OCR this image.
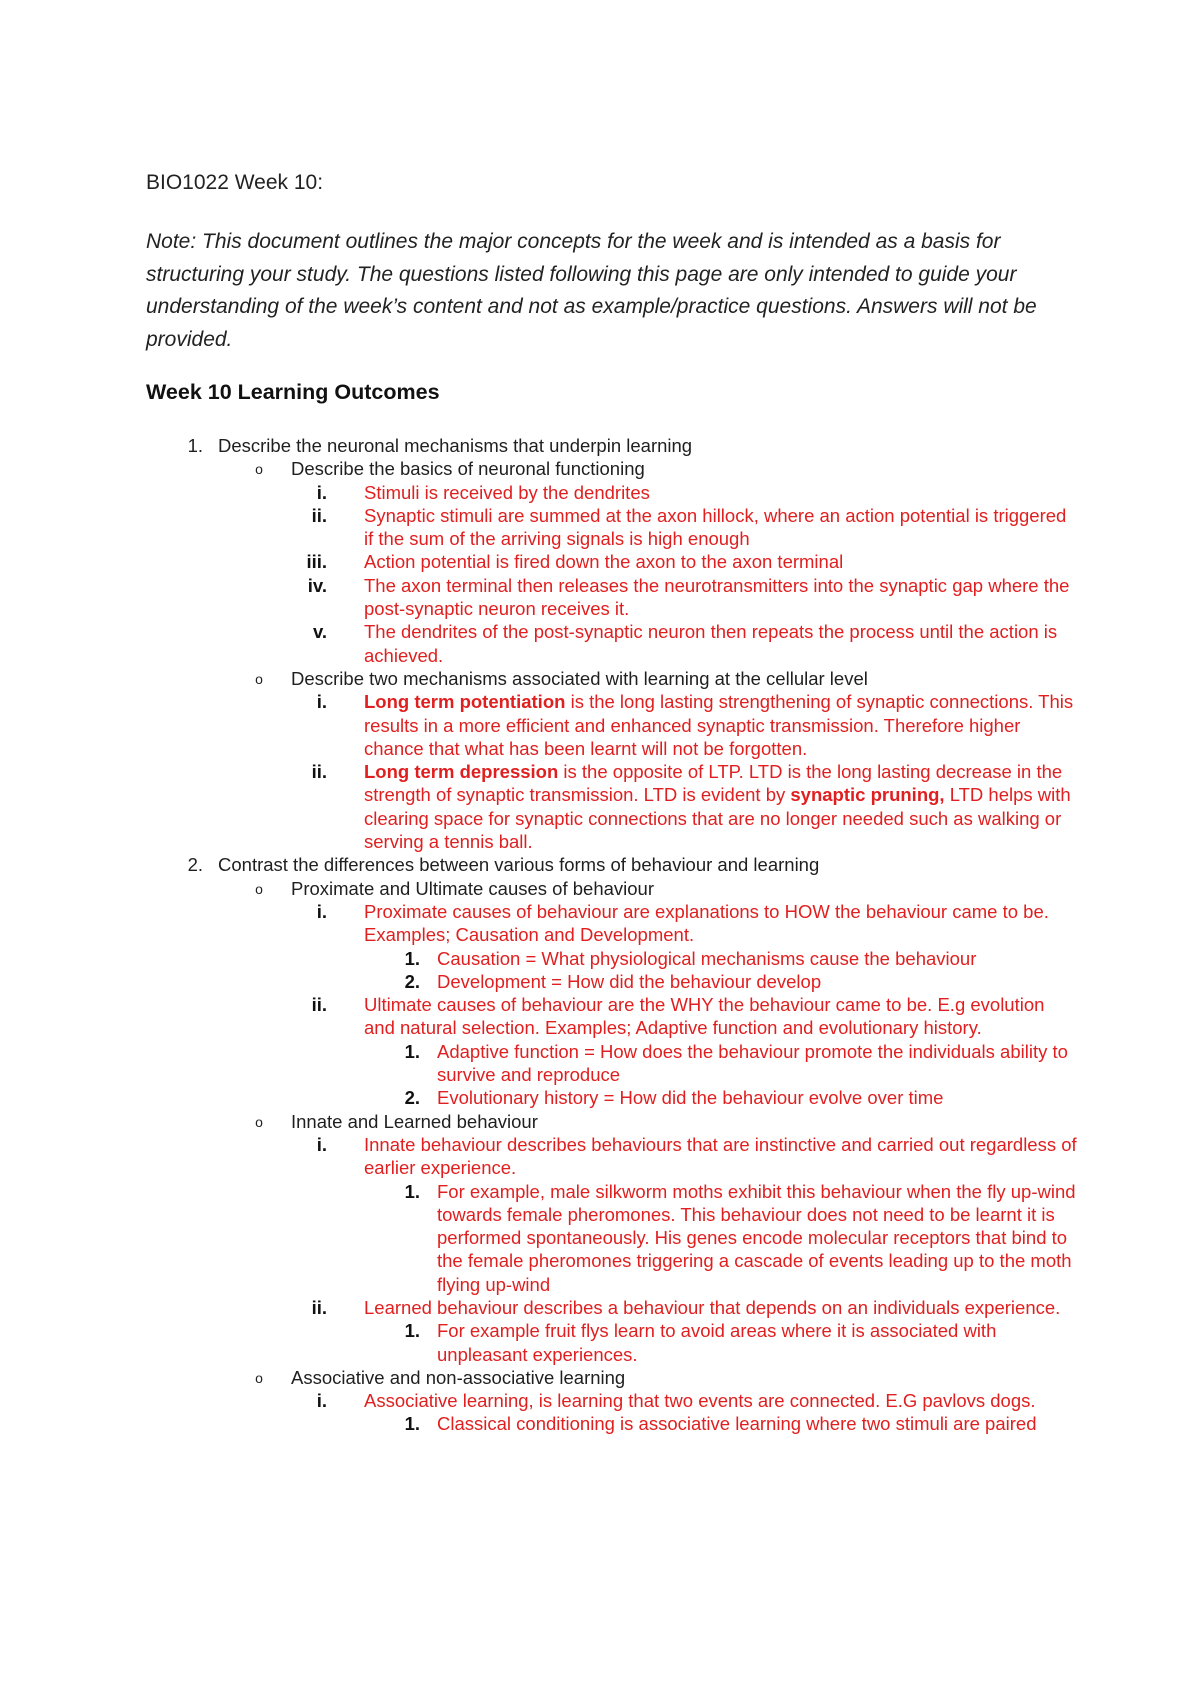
BIO1022 Week 10:

Note: This document outlines the major concepts for the week and is intended as a basis for structuring your study. The questions listed following this page are only intended to guide your understanding of the week’s content and not as example/practice questions. Answers will not be provided.

Week 10 Learning Outcomes
1. Describe the neuronal mechanisms that underpin learning
o Describe the basics of neuronal functioning
i. Stimuli is received by the dendrites
ii. Synaptic stimuli are summed at the axon hillock, where an action potential is triggered if the sum of the arriving signals is high enough
iii. Action potential is fired down the axon to the axon terminal
iv. The axon terminal then releases the neurotransmitters into the synaptic gap where the post-synaptic neuron receives it.
v. The dendrites of the post-synaptic neuron then repeats the process until the action is achieved.
o Describe two mechanisms associated with learning at the cellular level
i. Long term potentiation is the long lasting strengthening of synaptic connections. This results in a more efficient and enhanced synaptic transmission. Therefore higher chance that what has been learnt will not be forgotten.
ii. Long term depression is the opposite of LTP. LTD is the long lasting decrease in the strength of synaptic transmission. LTD is evident by synaptic pruning, LTD helps with clearing space for synaptic connections that are no longer needed such as walking or serving a tennis ball.
2. Contrast the differences between various forms of behaviour and learning
o Proximate and Ultimate causes of behaviour
i. Proximate causes of behaviour are explanations to HOW the behaviour came to be. Examples; Causation and Development.
1. Causation = What physiological mechanisms cause the behaviour
2. Development = How did the behaviour develop
ii. Ultimate causes of behaviour are the WHY the behaviour came to be. E.g evolution and natural selection. Examples; Adaptive function and evolutionary history.
1. Adaptive function = How does the behaviour promote the individuals ability to survive and reproduce
2. Evolutionary history = How did the behaviour evolve over time
o Innate and Learned behaviour
i. Innate behaviour describes behaviours that are instinctive and carried out regardless of earlier experience.
1. For example, male silkworm moths exhibit this behaviour when the fly up-wind towards female pheromones. This behaviour does not need to be learnt it is performed spontaneously. His genes encode molecular receptors that bind to the female pheromones triggering a cascade of events leading up to the moth flying up-wind
ii. Learned behaviour describes a behaviour that depends on an individuals experience.
1. For example fruit flys learn to avoid areas where it is associated with unpleasant experiences.
o Associative and non-associative learning
i. Associative learning, is learning that two events are connected. E.G pavlovs dogs.
1. Classical conditioning is associative learning where two stimuli are paired
